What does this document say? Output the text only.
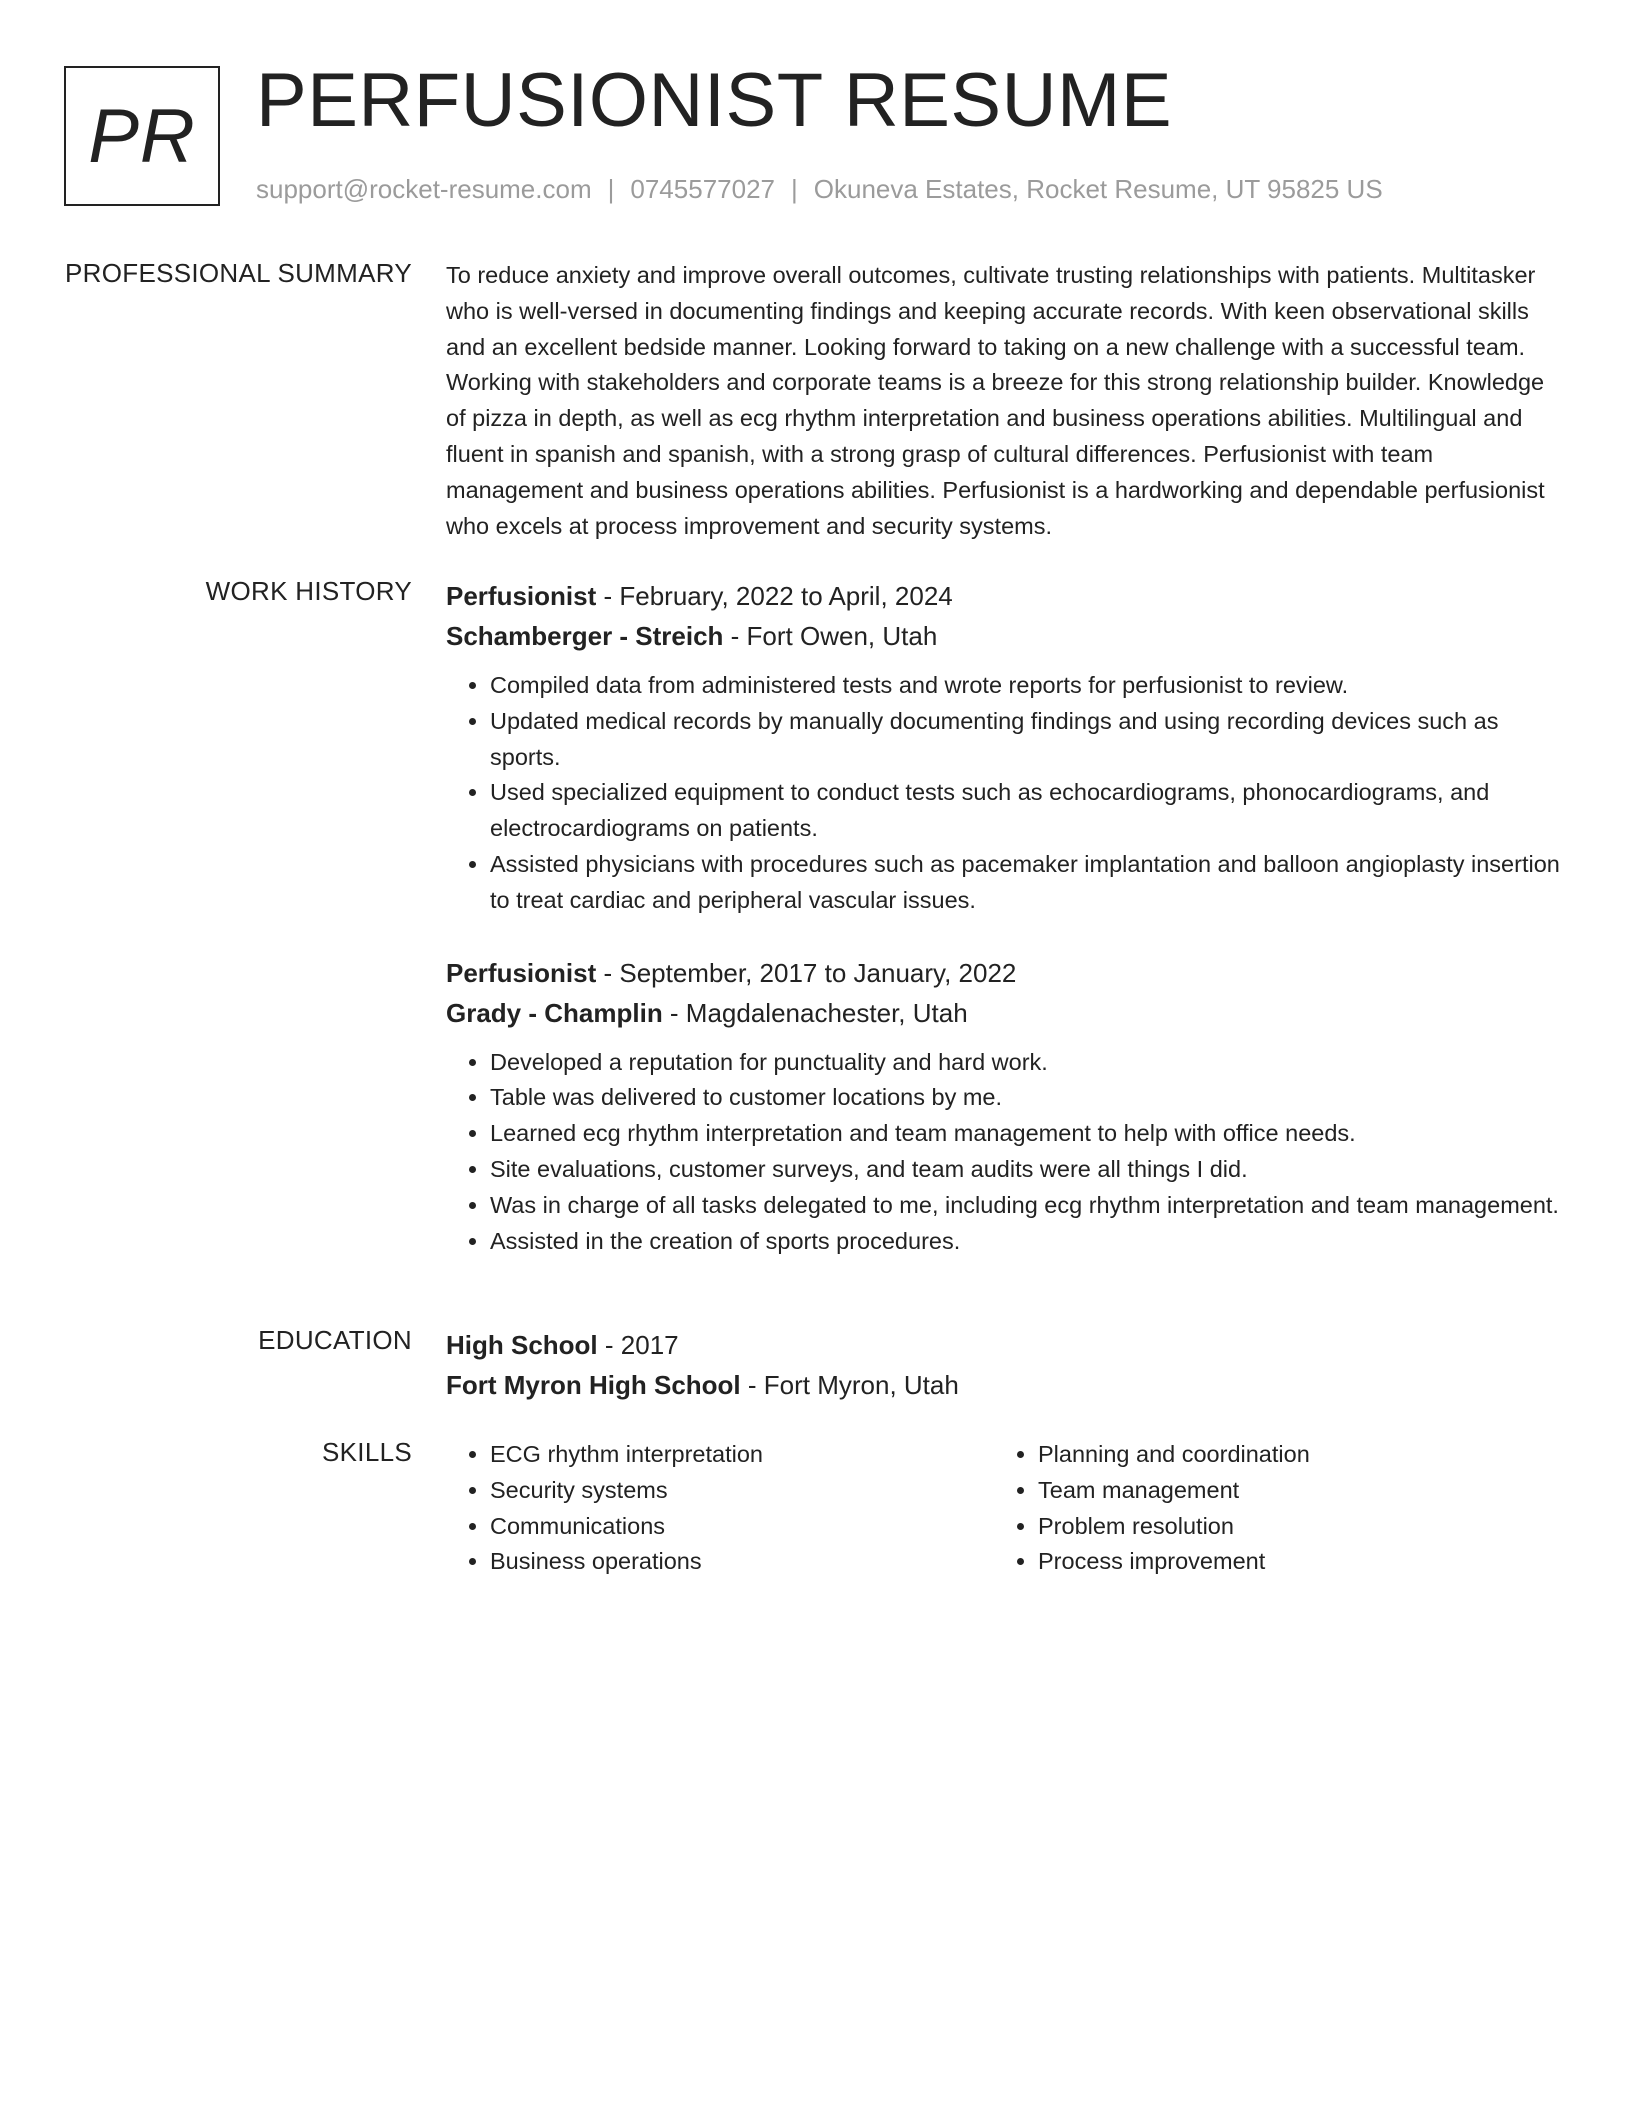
PR PERFUSIONIST RESUME
support@rocket-resume.com | 0745577027 | Okuneva Estates, Rocket Resume, UT 95825 US
PROFESSIONAL SUMMARY To reduce anxiety and improve overall outcomes, cultivate trusting relationships with patients. Multitasker who is well-versed in documenting findings and keeping accurate records. With keen observational skills and an excellent bedside manner. Looking forward to taking on a new challenge with a successful team. Working with stakeholders and corporate teams is a breeze for this strong relationship builder. Knowledge of pizza in depth, as well as ecg rhythm interpretation and business operations abilities. Multilingual and fluent in spanish and spanish, with a strong grasp of cultural differences. Perfusionist with team management and business operations abilities. Perfusionist is a hardworking and dependable perfusionist who excels at process improvement and security systems.

WORK HISTORY Perfusionist - February, 2022 to April, 2024
Schamberger - Streich - Fort Owen, Utah
• Compiled data from administered tests and wrote reports for perfusionist to review.
• Updated medical records by manually documenting findings and using recording devices such as sports.
• Used specialized equipment to conduct tests such as echocardiograms, phonocardiograms, and electrocardiograms on patients.
• Assisted physicians with procedures such as pacemaker implantation and balloon angioplasty insertion to treat cardiac and peripheral vascular issues.
Perfusionist - September, 2017 to January, 2022
Grady - Champlin - Magdalenachester, Utah
• Developed a reputation for punctuality and hard work.
• Table was delivered to customer locations by me.
• Learned ecg rhythm interpretation and team management to help with office needs.
• Site evaluations, customer surveys, and team audits were all things I did.
• Was in charge of all tasks delegated to me, including ecg rhythm interpretation and team management.
• Assisted in the creation of sports procedures.
EDUCATION High School - 2017
Fort Myron High School - Fort Myron, Utah
SKILLS
•	ECG rhythm interpretation
• Security systems
• Communications
• Business operations
• Planning and coordination
• Team management
• Problem resolution
• Process improvement
